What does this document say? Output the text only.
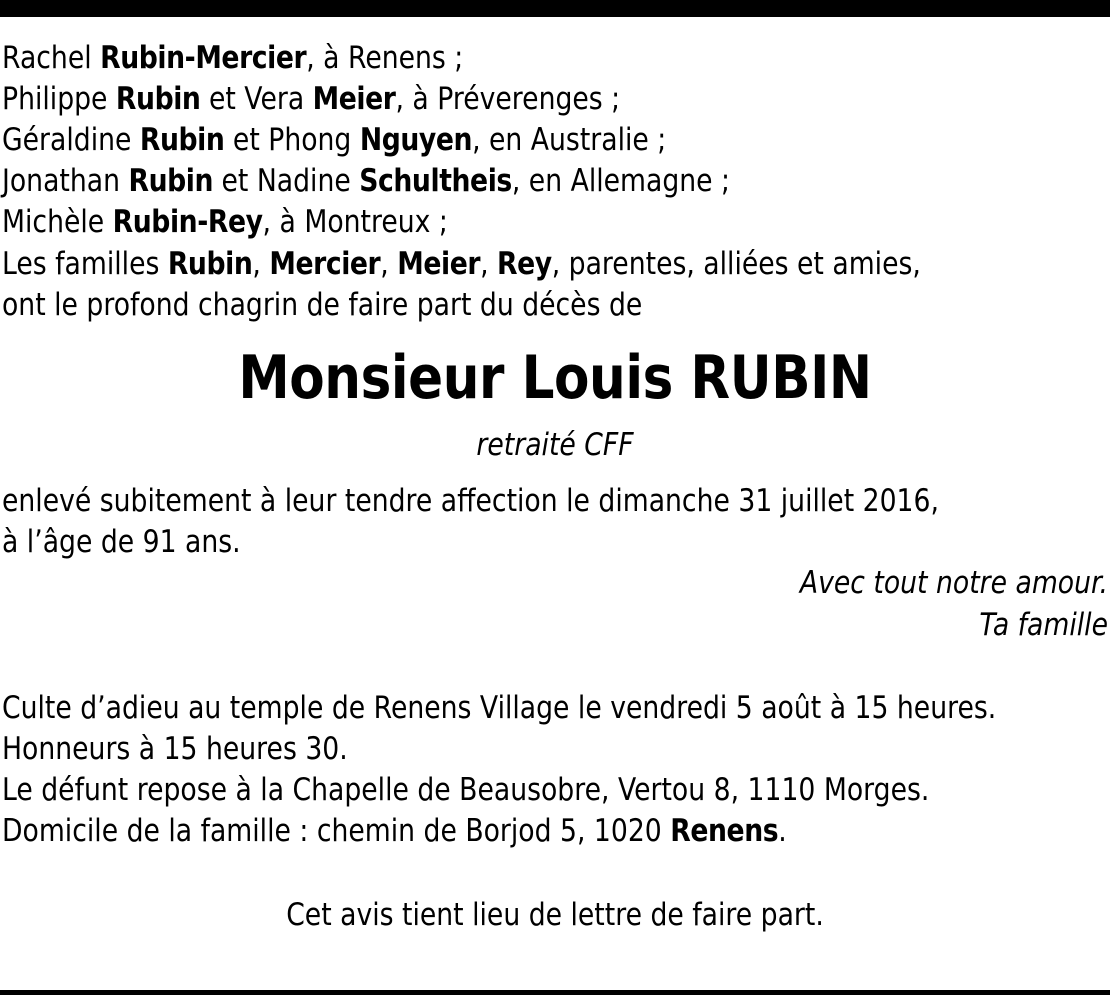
Rachel Rubin-Mercier, à Renens ;
Philippe Rubin et Vera Meier, à Préverenges ;
Géraldine Rubin et Phong Nguyen, en Australie ;
Jonathan Rubin et Nadine Schultheis, en Allemagne ;
Michèle Rubin-Rey, à Montreux ;
Les familles Rubin, Mercier, Meier, Rey, parentes, alliées et amies,
ont le profond chagrin de faire part du décès de
Monsieur Louis RUBIN
retraité CFF
enlevé subitement à leur tendre affection le dimanche 31 juillet 2016,
à l’âge de 91 ans.
Avec tout notre amour.
Ta famille
Culte d’adieu au temple de Renens Village le vendredi 5 août à 15 heures.
Honneurs à 15 heures 30.
Le défunt repose à la Chapelle de Beausobre, Vertou 8, 1110 Morges.
Domicile de la famille : chemin de Borjod 5, 1020 Renens.
Cet avis tient lieu de lettre de faire part.
